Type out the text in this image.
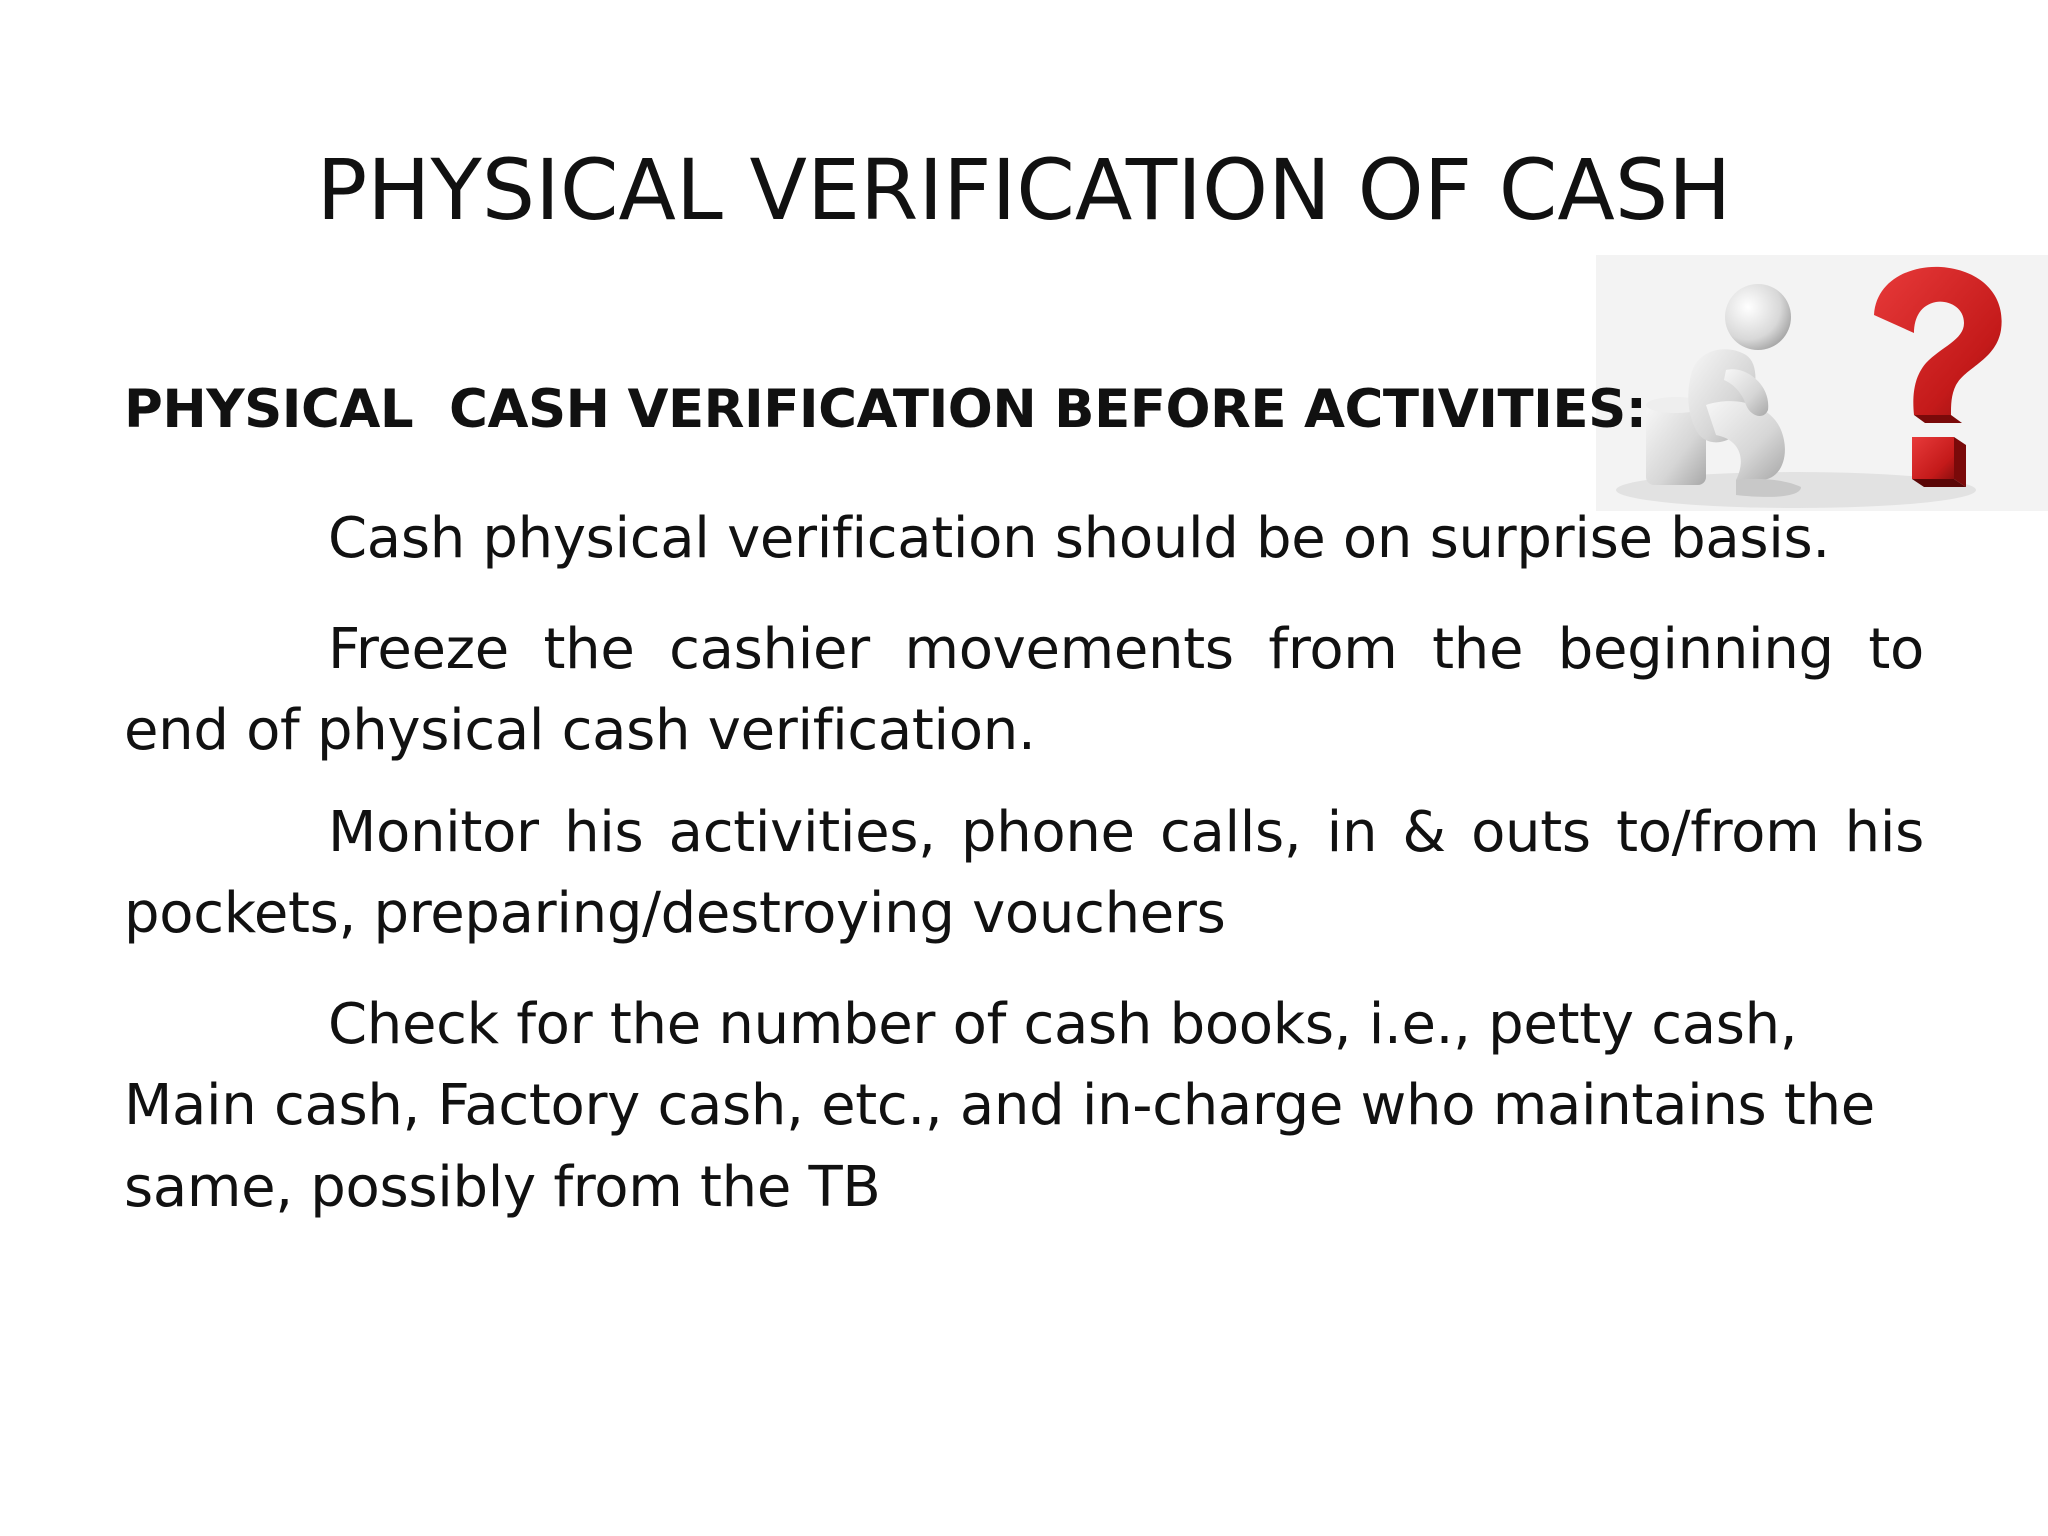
PHYSICAL VERIFICATION OF CASH
PHYSICAL  CASH VERIFICATION BEFORE ACTIVITIES:

Cash physical verification should be on surprise basis.

Freeze the cashier movements from the beginning to end of physical cash verification.

Monitor his activities, phone calls, in & outs to/from his pockets, preparing/destroying vouchers

Check for the number of cash books, i.e., petty cash, Main cash, Factory cash, etc., and in-charge who maintains the same, possibly from the TB
